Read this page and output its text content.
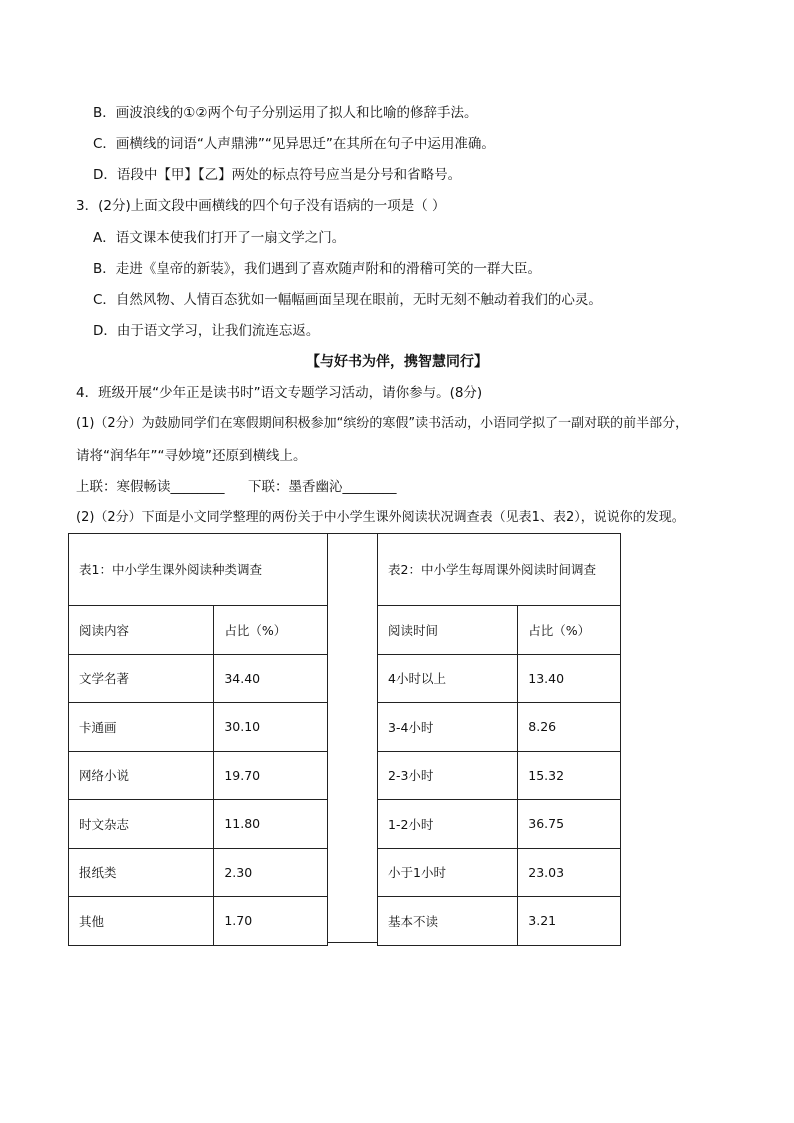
B．画波浪线的①②两个句子分别运用了拟人和比喻的修辞手法。
C．画横线的词语“人声鼎沸”“见异思迁”在其所在句子中运用准确。
D．语段中【甲】【乙】两处的标点符号应当是分号和省略号。
3．(2分)上面文段中画横线的四个句子没有语病的一项是（ ）
A．语文课本使我们打开了一扇文学之门。
B．走进《皇帝的新装》，我们遇到了喜欢随声附和的滑稽可笑的一群大臣。
C．自然风物、人情百态犹如一幅幅画面呈现在眼前，无时无刻不触动着我们的心灵。
D．由于语文学习，让我们流连忘返。
【与好书为伴，携智慧同行】
4．班级开展“少年正是读书时”语文专题学习活动，请你参与。(8分)
(1)（2分）为鼓励同学们在寒假期间积极参加“缤纷的寒假”读书活动，小语同学拟了一副对联的前半部分，
请将“润华年”“寻妙境”还原到横线上。
上联：寒假畅读________ 下联：墨香幽沁________
(2)（2分）下面是小文同学整理的两份关于中小学生课外阅读状况调查表（见表1、表2），说说你的发现。
表1：中小学生课外阅读种类调查	
阅读内容	占比（%）
文学名著	34.40
卡通画	30.10
网络小说	19.70
时文杂志	11.80
报纸类	2.30
其他	1.70
表2：中小学生每周课外阅读时间调查	
阅读时间	占比（%）
4小时以上	13.40
3-4小时	8.26
2-3小时	15.32
1-2小时	36.75
小于1小时	23.03
基本不读	3.21
